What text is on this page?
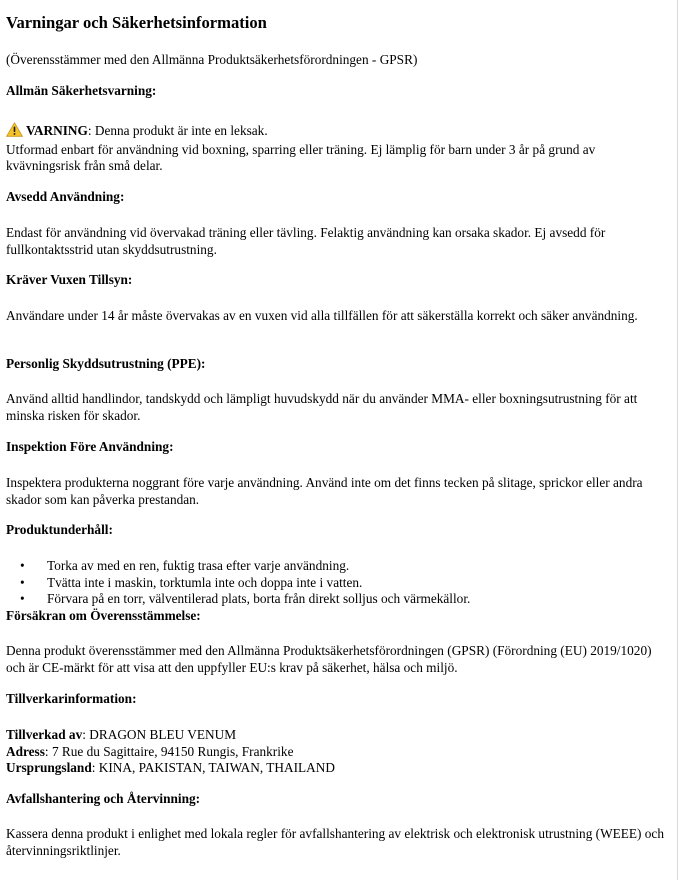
Varningar och Säkerhetsinformation

(Överensstämmer med den Allmänna Produktsäkerhetsförordningen - GPSR)

Allmän Säkerhetsvarning:
VARNING: Denna produkt är inte en leksak.
Utformad enbart för användning vid boxning, sparring eller träning. Ej lämplig för barn under 3 år på grund av kvävningsrisk från små delar.
Avsedd Användning:
Endast för användning vid övervakad träning eller tävling. Felaktig användning kan orsaka skador. Ej avsedd för fullkontaktsstrid utan skyddsutrustning.
Kräver Vuxen Tillsyn:
Användare under 14 år måste övervakas av en vuxen vid alla tillfällen för att säkerställa korrekt och säker användning.
Personlig Skyddsutrustning (PPE):
Använd alltid handlindor, tandskydd och lämpligt huvudskydd när du använder MMA- eller boxningsutrustning för att minska risken för skador.
Inspektion Före Användning:
Inspektera produkterna noggrant före varje användning. Använd inte om det finns tecken på slitage, sprickor eller andra skador som kan påverka prestandan.
Produktunderhåll:
• Torka av med en ren, fuktig trasa efter varje användning.
• Tvätta inte i maskin, torktumla inte och doppa inte i vatten.
• Förvara på en torr, välventilerad plats, borta från direkt solljus och värmekällor.
Försäkran om Överensstämmelse:
Denna produkt överensstämmer med den Allmänna Produktsäkerhetsförordningen (GPSR) (Förordning (EU) 2019/1020) och är CE-märkt för att visa att den uppfyller EU:s krav på säkerhet, hälsa och miljö.
Tillverkarinformation:
Tillverkad av: DRAGON BLEU VENUM
Adress: 7 Rue du Sagittaire, 94150 Rungis, Frankrike
Ursprungsland: KINA, PAKISTAN, TAIWAN, THAILAND
Avfallshantering och Återvinning:
Kassera denna produkt i enlighet med lokala regler för avfallshantering av elektrisk och elektronisk utrustning (WEEE) och återvinningsriktlinjer.
